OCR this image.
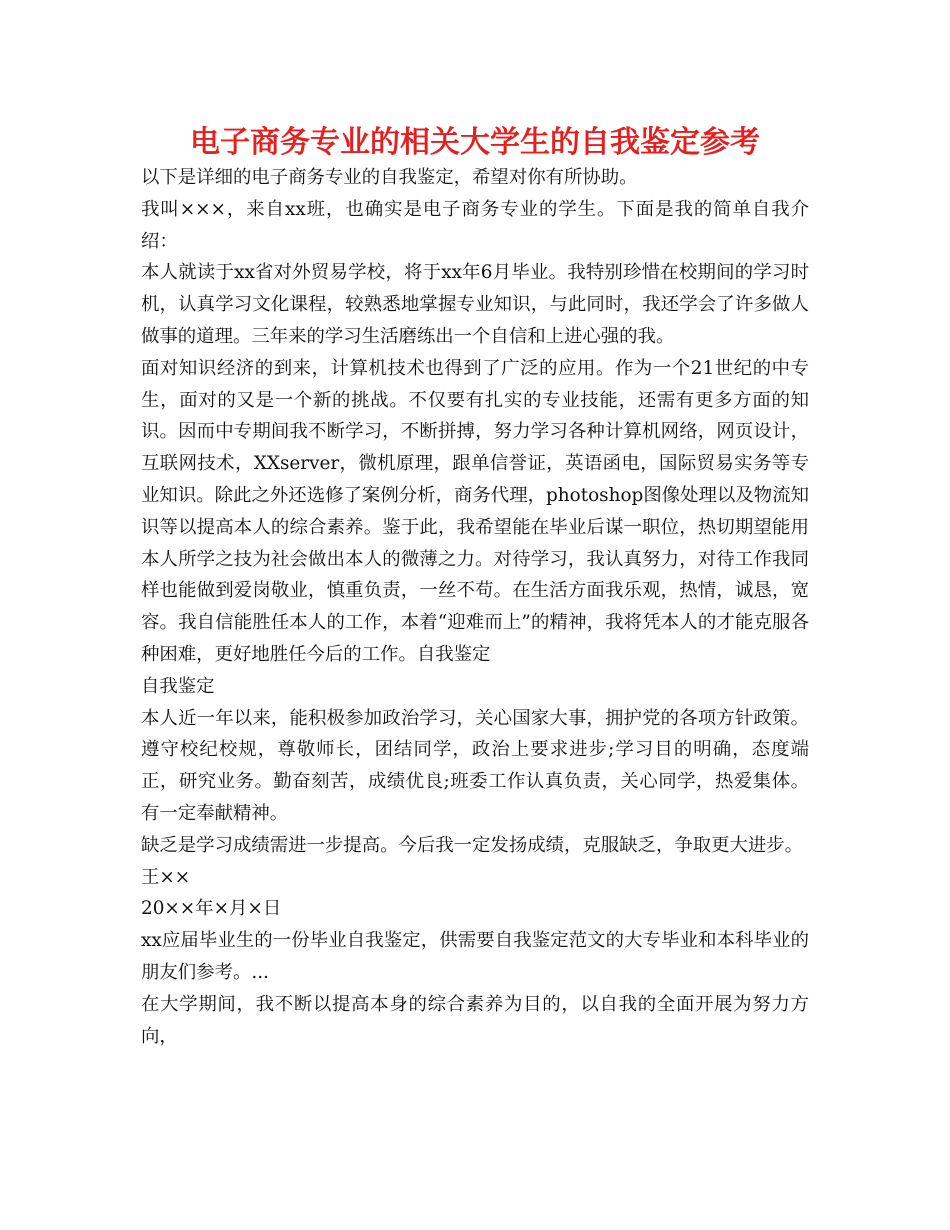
电子商务专业的相关大学生的自我鉴定参考

以下是详细的电子商务专业的自我鉴定，希望对你有所协助。

我叫×××，来自xx班，也确实是电子商务专业的学生。下面是我的简单自我介绍：

本人就读于xx省对外贸易学校，将于xx年6月毕业。我特别珍惜在校期间的学习时机，认真学习文化课程，较熟悉地掌握专业知识，与此同时，我还学会了许多做人做事的道理。三年来的学习生活磨练出一个自信和上进心强的我。

面对知识经济的到来，计算机技术也得到了广泛的应用。作为一个21世纪的中专生，面对的又是一个新的挑战。不仅要有扎实的专业技能，还需有更多方面的知识。因而中专期间我不断学习，不断拼搏，努力学习各种计算机网络，网页设计，互联网技术，XXserver，微机原理，跟单信誉证，英语函电，国际贸易实务等专业知识。除此之外还选修了案例分析，商务代理，photoshop图像处理以及物流知识等以提高本人的综合素养。鉴于此，我希望能在毕业后谋一职位，热切期望能用本人所学之技为社会做出本人的微薄之力。对待学习，我认真努力，对待工作我同样也能做到爱岗敬业，慎重负责，一丝不苟。在生活方面我乐观，热情，诚恳，宽容。我自信能胜任本人的工作，本着“迎难而上”的精神，我将凭本人的才能克服各种困难，更好地胜任今后的工作。自我鉴定

自我鉴定

本人近一年以来，能积极参加政治学习，关心国家大事，拥护党的各项方针政策。遵守校纪校规，尊敬师长，团结同学，政治上要求进步;学习目的明确，态度端正，研究业务。勤奋刻苦，成绩优良;班委工作认真负责，关心同学，热爱集体。有一定奉献精神。

缺乏是学习成绩需进一步提高。今后我一定发扬成绩，克服缺乏，争取更大进步。

王××

20××年×月×日

xx应届毕业生的一份毕业自我鉴定，供需要自我鉴定范文的大专毕业和本科毕业的朋友们参考。...

在大学期间，我不断以提高本身的综合素养为目的，以自我的全面开展为努力方向，
